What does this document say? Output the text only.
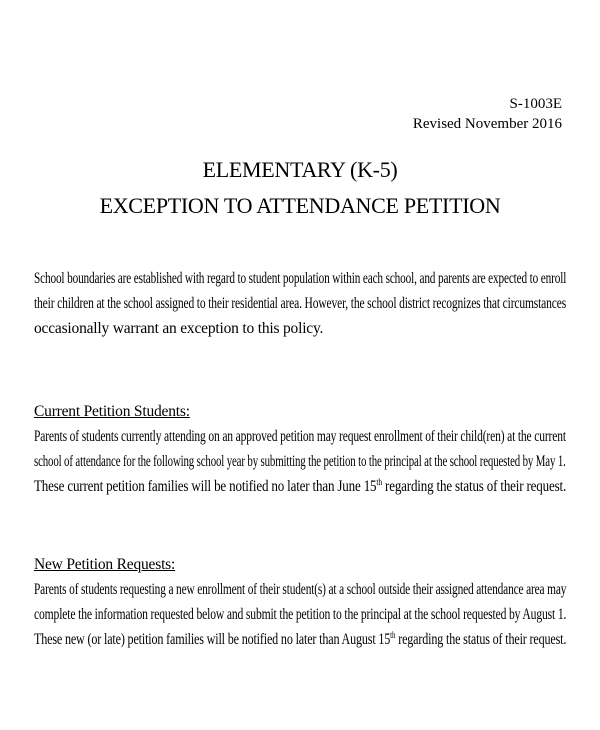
S-1003E
Revised November 2016
ELEMENTARY (K-5)
EXCEPTION TO ATTENDANCE PETITION
School boundaries are established with regard to student population within each school, and parents are expected to enroll
their children at the school assigned to their residential area. However, the school district recognizes that circumstances
occasionally warrant an exception to this policy.
Current Petition Students:
Parents of students currently attending on an approved petition may request enrollment of their child(ren) at the current
school of attendance for the following school year by submitting the petition to the principal at the school requested by May 1.
These current petition families will be notified no later than June 15th regarding the status of their request.
New Petition Requests:
Parents of students requesting a new enrollment of their student(s) at a school outside their assigned attendance area may
complete the information requested below and submit the petition to the principal at the school requested by August 1.
These new (or late) petition families will be notified no later than August 15th regarding the status of their request.
